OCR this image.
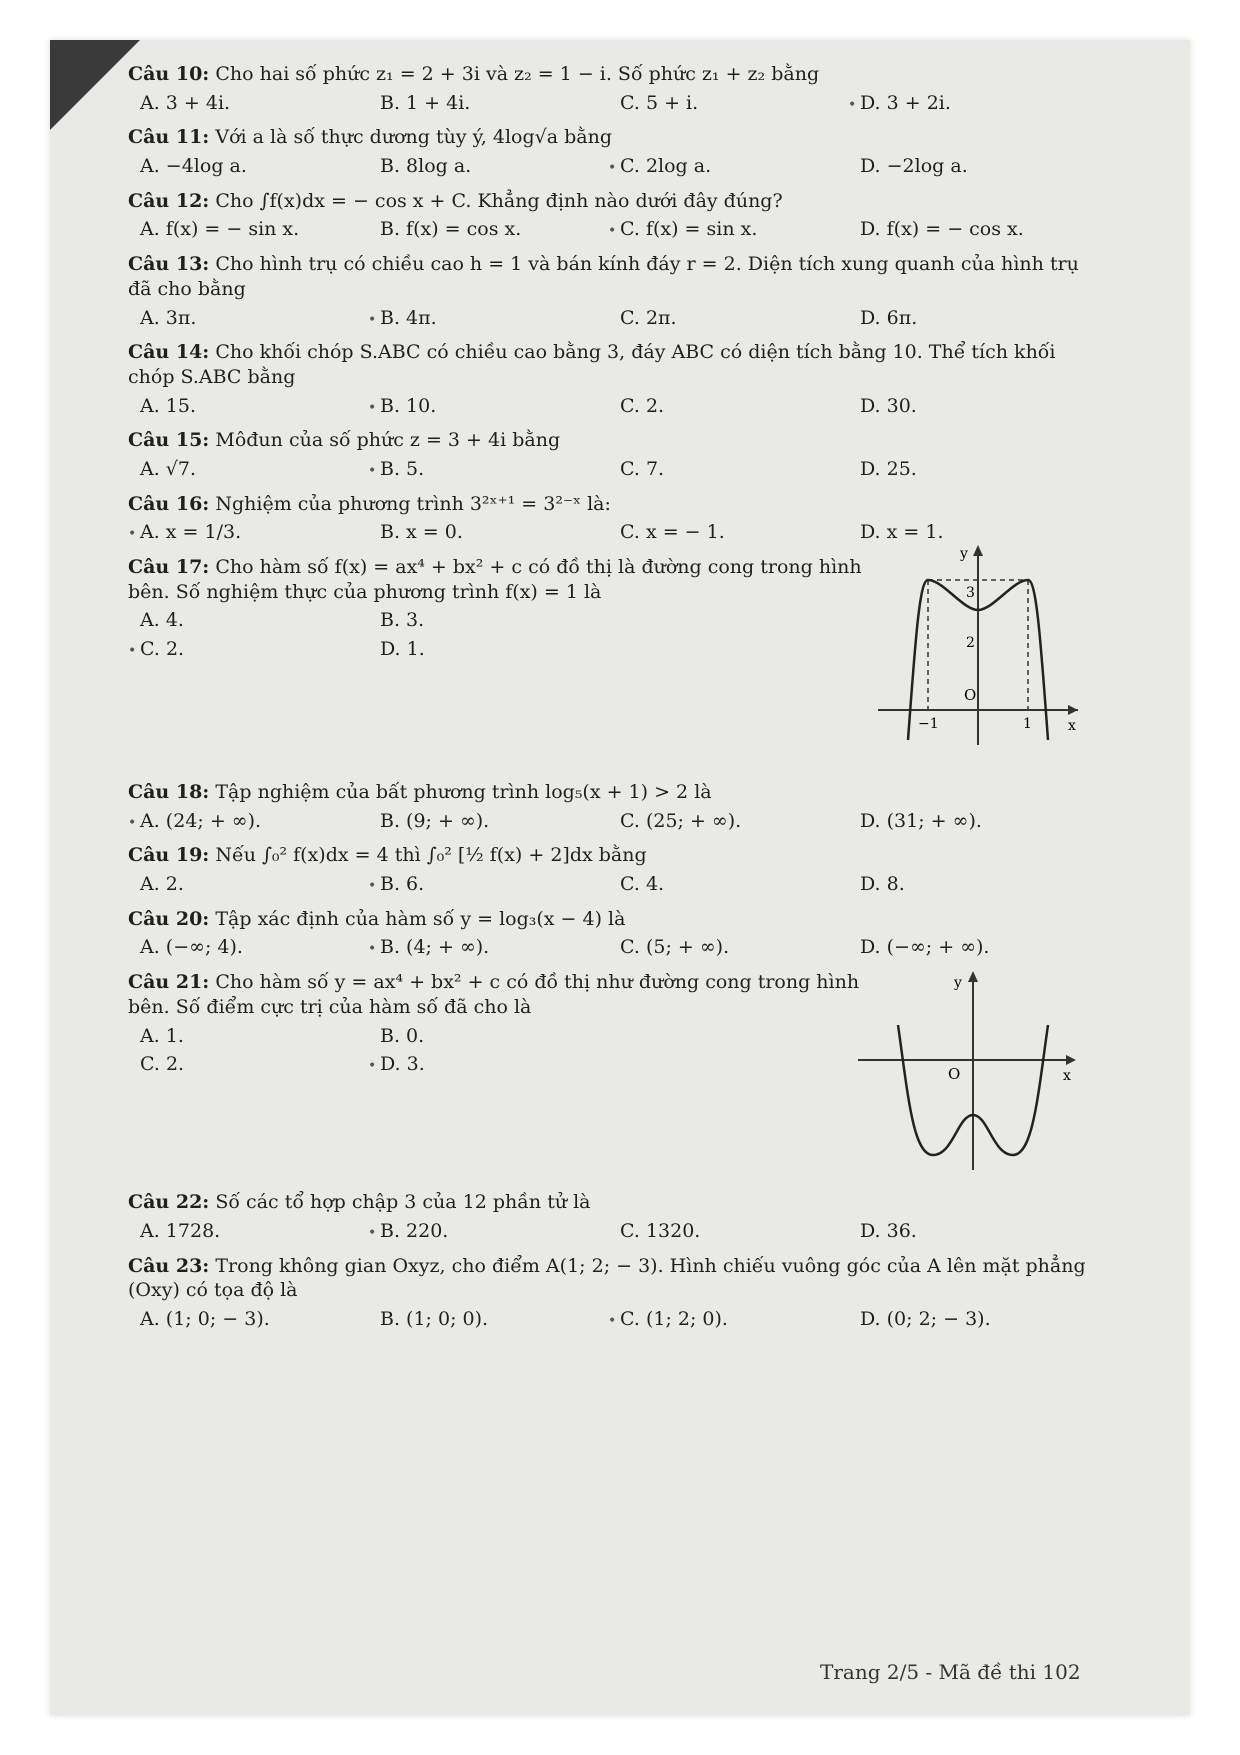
Câu 10: Cho hai số phức z₁ = 2 + 3i và z₂ = 1 − i. Số phức z₁ + z₂ bằng
A. 3 + 4i.	B. 1 + 4i.	C. 5 + i.	• D. 3 + 2i.
Câu 11: Với a là số thực dương tùy ý, 4log√a bằng
A. −4log a.	B. 8log a.	• C. 2log a.	D. −2log a.
Câu 12: Cho ∫f(x)dx = − cos x + C. Khẳng định nào dưới đây đúng?
A. f(x) = − sin x.	B. f(x) = cos x.	• C. f(x) = sin x.	D. f(x) = − cos x.
Câu 13: Cho hình trụ có chiều cao h = 1 và bán kính đáy r = 2. Diện tích xung quanh của hình trụ đã cho bằng
A. 3π.	• B. 4π.	C. 2π.	D. 6π.
Câu 14: Cho khối chóp S.ABC có chiều cao bằng 3, đáy ABC có diện tích bằng 10. Thể tích khối chóp S.ABC bằng
A. 15.	• B. 10.	C. 2.	D. 30.
Câu 15: Môđun của số phức z = 3 + 4i bằng
A. √7.	• B. 5.	C. 7.	D. 25.
Câu 16: Nghiệm của phương trình 3²ˣ⁺¹ = 3²⁻ˣ là:
• A. x = 1/3.	B. x = 0.	C. x = − 1.	D. x = 1.
Câu 17: Cho hàm số f(x) = ax⁴ + bx² + c có đồ thị là đường cong trong hình bên. Số nghiệm thực của phương trình f(x) = 1 là
A. 4.	B. 3.
• C. 2.	D. 1.
y
x
O
3
2
−1	1
Câu 18: Tập nghiệm của bất phương trình log₅(x + 1) > 2 là
• A. (24; + ∞).	B. (9; + ∞).	C. (25; + ∞).	D. (31; + ∞).
Câu 19: Nếu ∫₀² f(x)dx = 4 thì ∫₀² [½ f(x) + 2]dx bằng
A. 2.	• B. 6.	C. 4.	D. 8.
Câu 20: Tập xác định của hàm số y = log₃(x − 4) là
A. (−∞; 4).	• B. (4; + ∞).	C. (5; + ∞).	D. (−∞; + ∞).
Câu 21: Cho hàm số y = ax⁴ + bx² + c có đồ thị như đường cong trong hình bên. Số điểm cực trị của hàm số đã cho là
A. 1.	B. 0.
C. 2.	• D. 3.
y
x
O
Câu 22: Số các tổ hợp chập 3 của 12 phần tử là
A. 1728.	• B. 220.	C. 1320.	D. 36.
Câu 23: Trong không gian Oxyz, cho điểm A(1; 2; − 3). Hình chiếu vuông góc của A lên mặt phẳng (Oxy) có tọa độ là
A. (1; 0; − 3).	B. (1; 0; 0).	• C. (1; 2; 0).	D. (0; 2; − 3).
Trang 2/5 - Mã đề thi 102
